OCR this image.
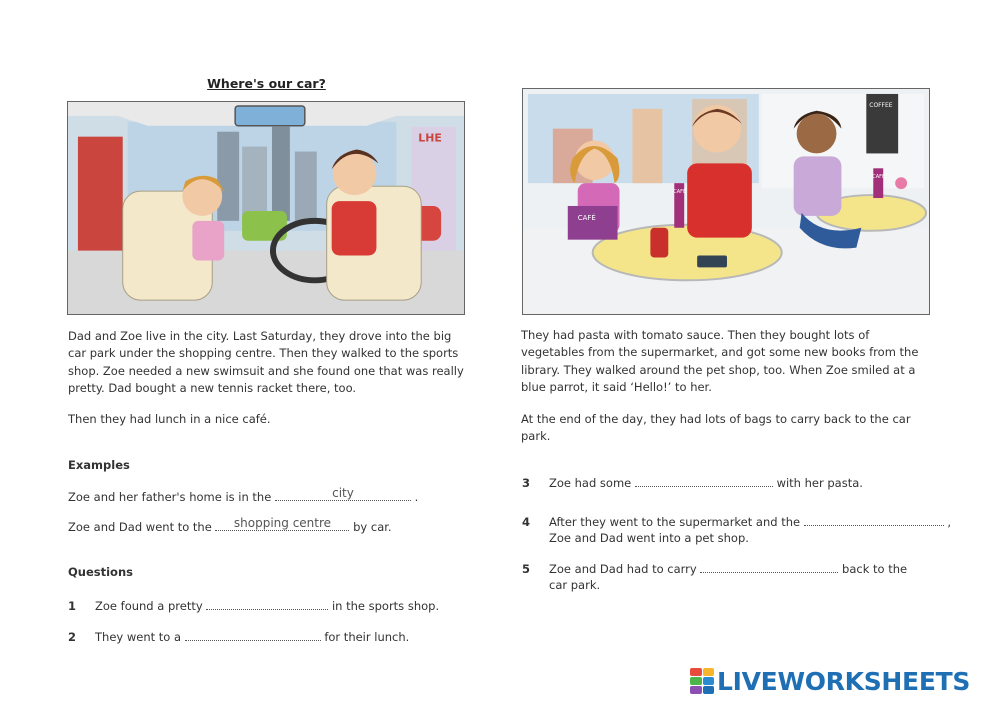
Where's our car?
LHE
COFFEE
CAFÉ
CAFÉ
CAFÉ
Dad and Zoe live in the city. Last Saturday, they drove into the big car park under the shopping centre. Then they walked to the sports shop. Zoe needed a new swimsuit and she found one that was really pretty. Dad bought a new tennis racket there, too.
Then they had lunch in a nice café.
They had pasta with tomato sauce. Then they bought lots of vegetables from the supermarket, and got some new books from the library. They walked around the pet shop, too. When Zoe smiled at a blue parrot, it said ‘Hello!’ to her.
At the end of the day, they had lots of bags to carry back to the car park.
Examples
Zoe and her father's home is in the	city	.
Zoe and Dad went to the	shopping centre	by car.
Questions
1 Zoe found a pretty	in the sports shop.
2 They went to a	for their lunch.
3 Zoe had some	with her pasta.
4 After they went to the supermarket and the	,
Zoe and Dad went into a pet shop.
5 Zoe and Dad had to carry	back to the
car park.
LIVEWORKSHEETS
